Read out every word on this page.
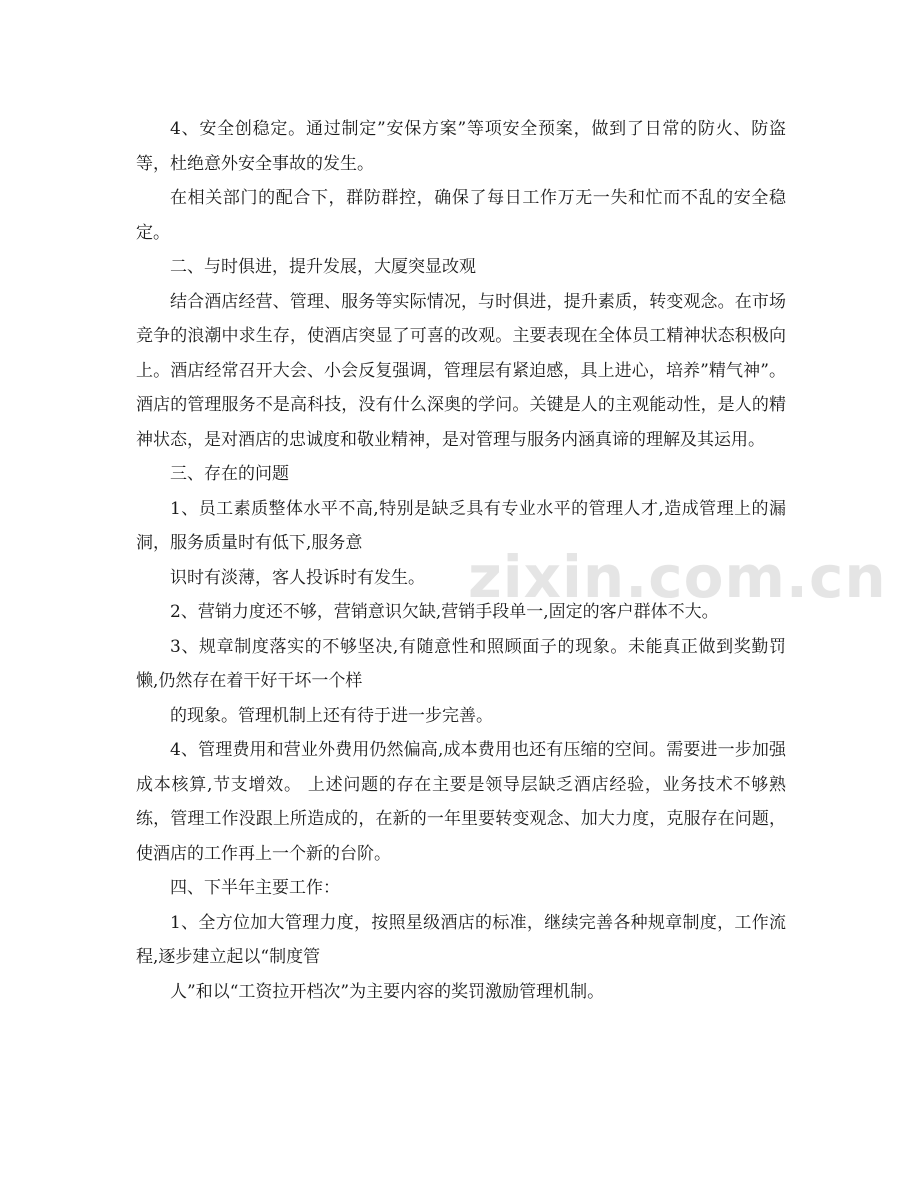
4、安全创稳定。通过制定”安保方案”等项安全预案，做到了日常的防火、防盗等，杜绝意外安全事故的发生。

在相关部门的配合下，群防群控，确保了每日工作万无一失和忙而不乱的安全稳定。

二、与时俱进，提升发展，大厦突显改观

结合酒店经营、管理、服务等实际情况，与时俱进，提升素质，转变观念。在市场竞争的浪潮中求生存，使酒店突显了可喜的改观。主要表现在全体员工精神状态积极向上。酒店经常召开大会、小会反复强调，管理层有紧迫感，具上进心，培养”精气神”。酒店的管理服务不是高科技，没有什么深奥的学问。关键是人的主观能动性，是人的精神状态，是对酒店的忠诚度和敬业精神，是对管理与服务内涵真谛的理解及其运用。

三、存在的问题

1、员工素质整体水平不高,特别是缺乏具有专业水平的管理人才,造成管理上的漏洞，服务质量时有低下,服务意

识时有淡薄，客人投诉时有发生。

2、营销力度还不够，营销意识欠缺,营销手段单一,固定的客户群体不大。

3、规章制度落实的不够坚决,有随意性和照顾面子的现象。未能真正做到奖勤罚懒,仍然存在着干好干坏一个样

的现象。管理机制上还有待于进一步完善。

4、管理费用和营业外费用仍然偏高,成本费用也还有压缩的空间。需要进一步加强成本核算,节支增效。 上述问题的存在主要是领导层缺乏酒店经验，业务技术不够熟练，管理工作没跟上所造成的，在新的一年里要转变观念、加大力度，克服存在问题，使酒店的工作再上一个新的台阶。

四、下半年主要工作：

1、全方位加大管理力度，按照星级酒店的标准，继续完善各种规章制度，工作流程,逐步建立起以“制度管

人”和以“工资拉开档次”为主要内容的奖罚激励管理机制。

zixin.com.cn
